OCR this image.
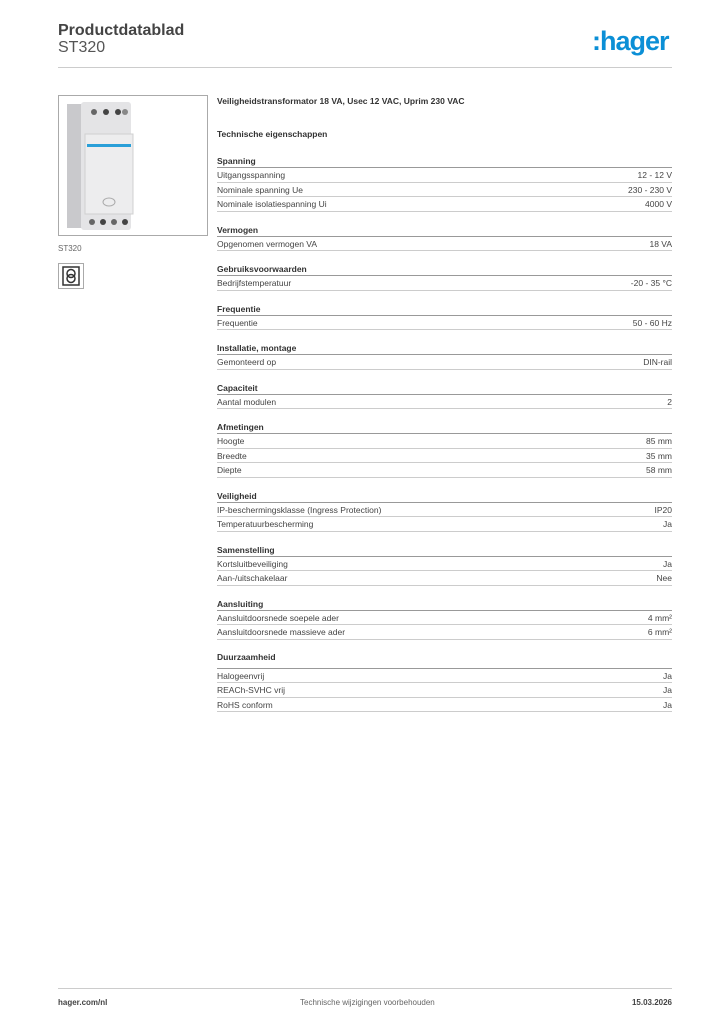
Productdatablad
ST320	:hager
ST320
Veiligheidstransformator 18 VA, Usec 12 VAC, Uprim 230 VAC
Technische eigenschappen
Spanning
Uitgangsspanning	12 - 12 V
Nominale spanning Ue	230 - 230 V
Nominale isolatiespanning Ui	4000 V
Vermogen
Opgenomen vermogen VA	18 VA
Gebruiksvoorwaarden
Bedrijfstemperatuur	-20 - 35 °C
Frequentie
Frequentie	50 - 60 Hz
Installatie, montage
Gemonteerd op	DIN-rail
Capaciteit
Aantal modulen	2
Afmetingen
Hoogte	85 mm
Breedte	35 mm
Diepte	58 mm
Veiligheid
IP-beschermingsklasse (Ingress Protection)	IP20
Temperatuurbescherming	Ja
Samenstelling
Kortsluitbeveiliging	Ja
Aan-/uitschakelaar	Nee
Aansluiting
Aansluitdoorsnede soepele ader	4 mm²
Aansluitdoorsnede massieve ader	6 mm²
Duurzaamheid
Halogeenvrij	Ja
REACh-SVHC vrij	Ja
RoHS conform	Ja
hager.com/nl	Technische wijzigingen voorbehouden	15.03.2026
